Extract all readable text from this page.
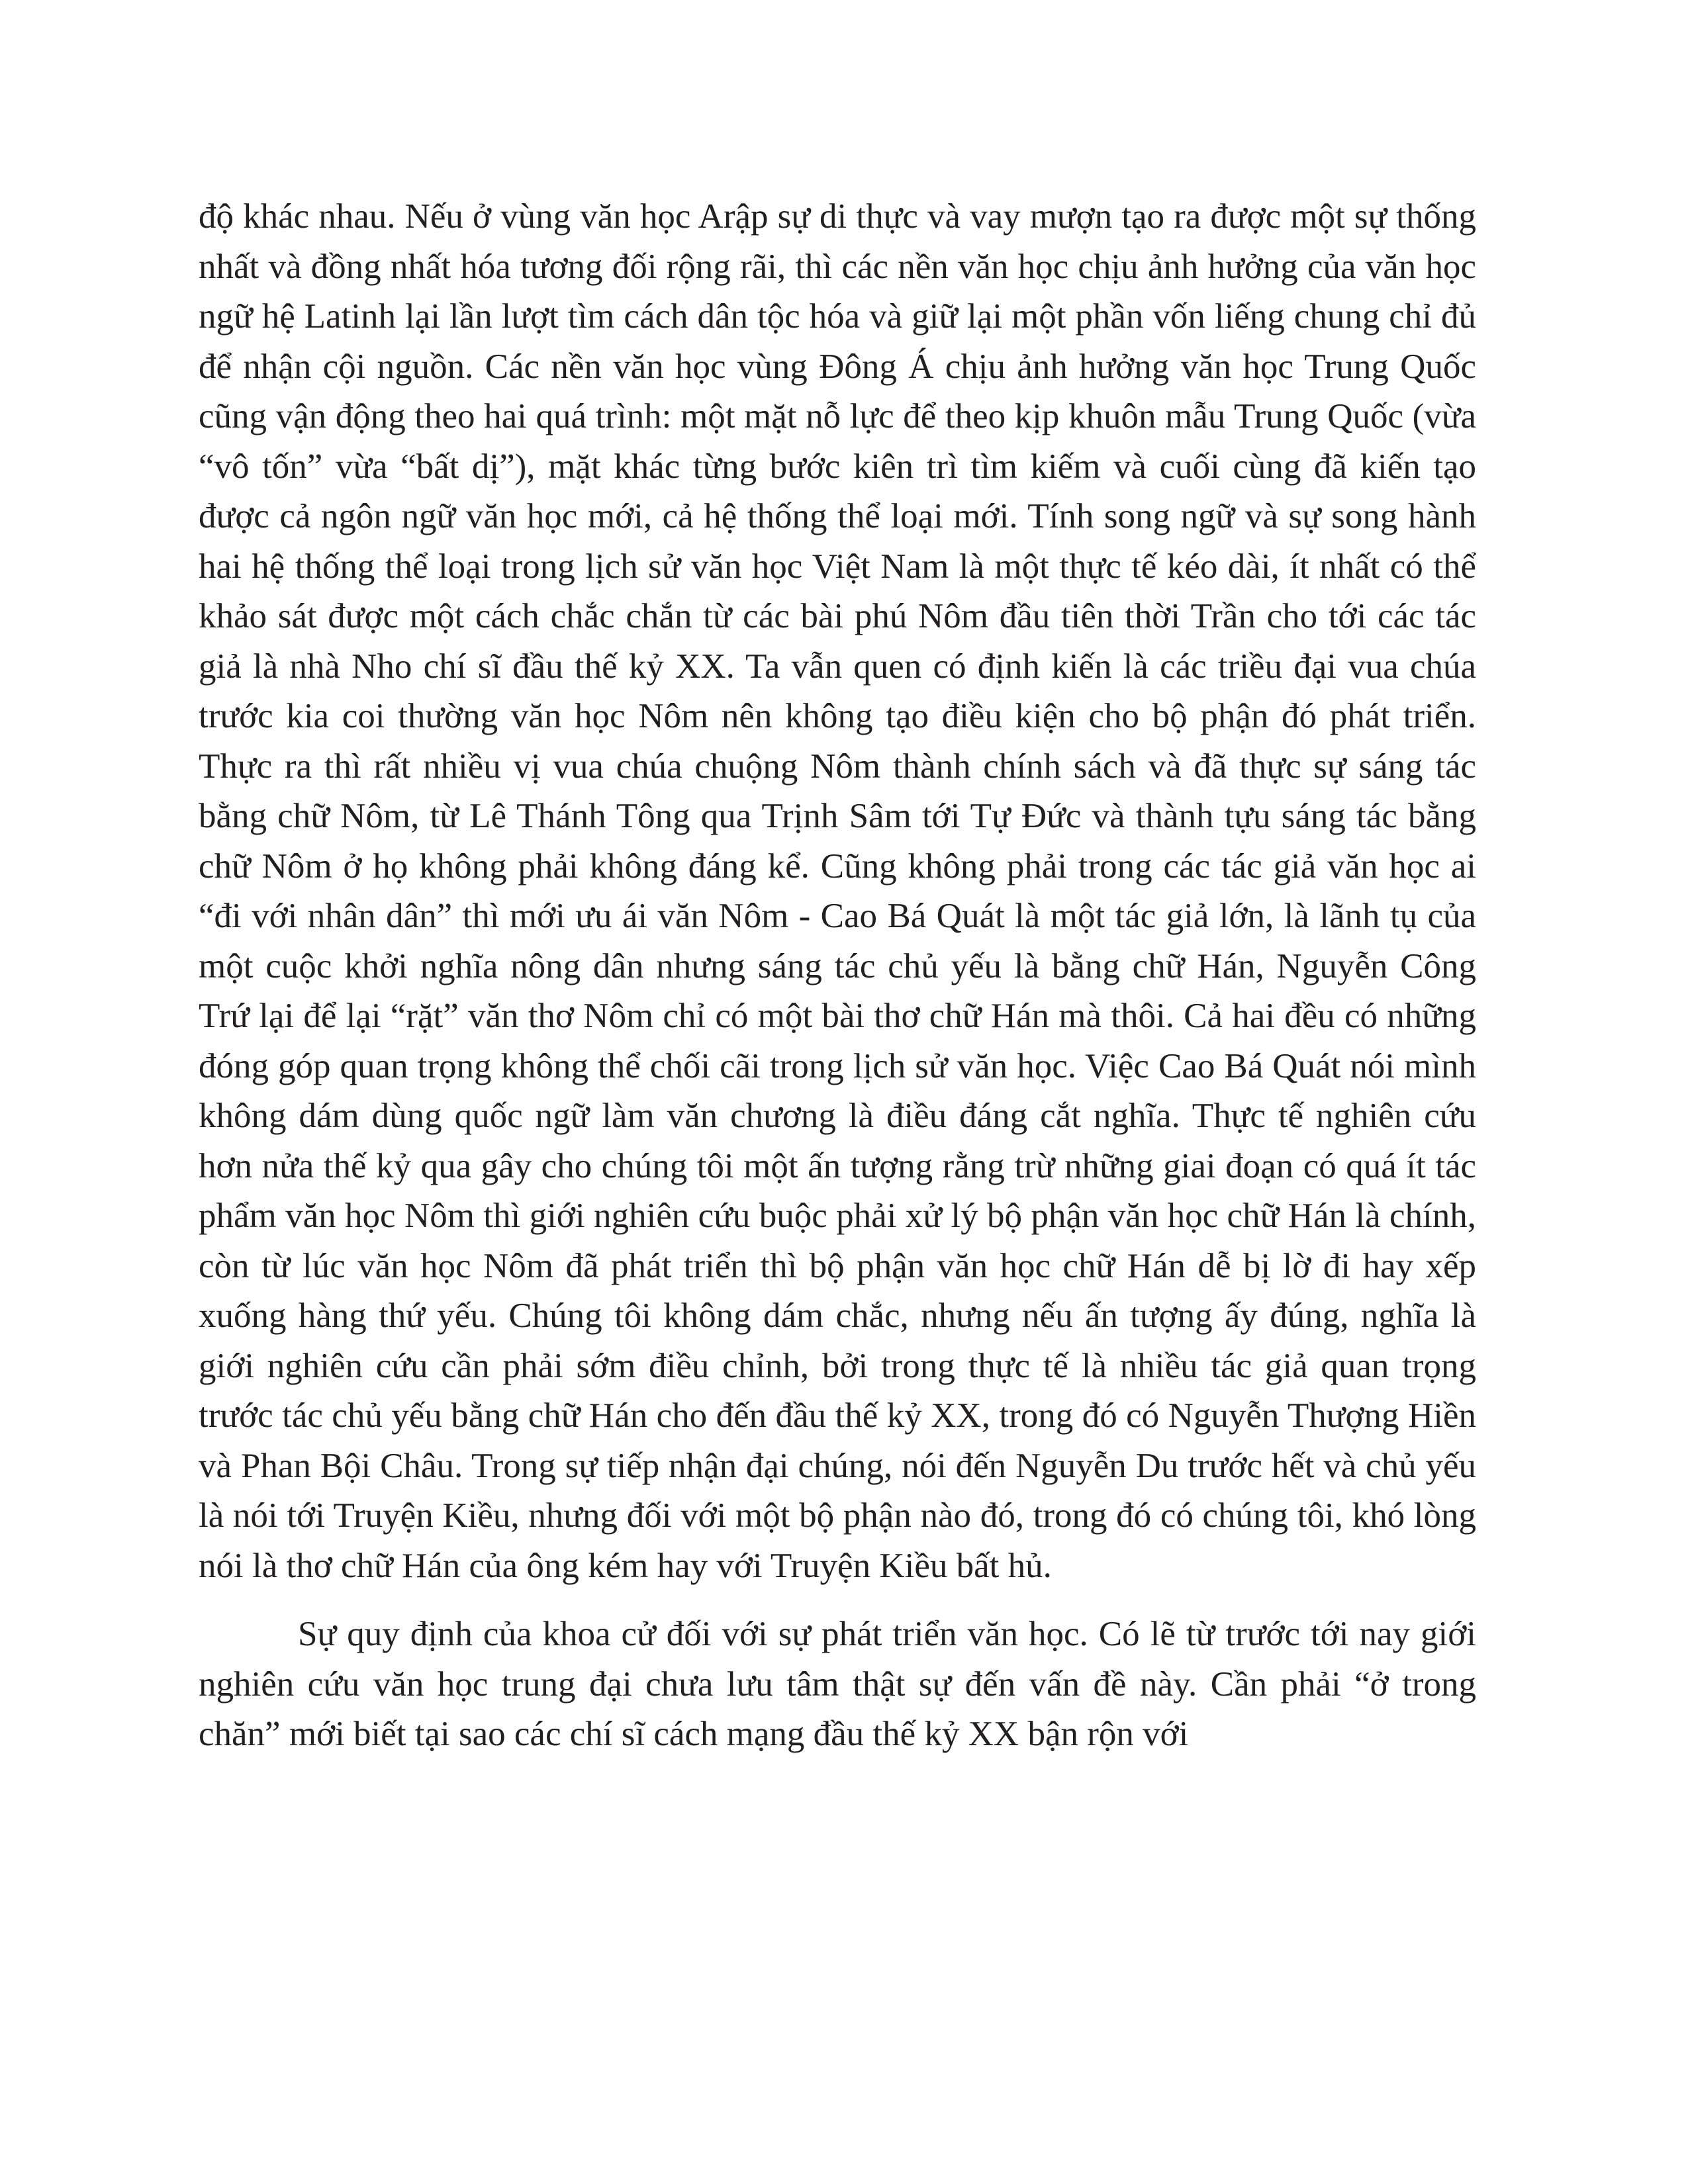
độ khác nhau. Nếu ở vùng văn học Arập sự di thực và vay mượn tạo ra được một sự thống nhất và đồng nhất hóa tương đối rộng rãi, thì các nền văn học chịu ảnh hưởng của văn học ngữ hệ Latinh lại lần lượt tìm cách dân tộc hóa và giữ lại một phần vốn liếng chung chỉ đủ để nhận cội nguồn. Các nền văn học vùng Đông Á chịu ảnh hưởng văn học Trung Quốc cũng vận động theo hai quá trình: một mặt nỗ lực để theo kịp khuôn mẫu Trung Quốc (vừa “vô tốn” vừa “bất dị”), mặt khác từng bước kiên trì tìm kiếm và cuối cùng đã kiến tạo được cả ngôn ngữ văn học mới, cả hệ thống thể loại mới. Tính song ngữ và sự song hành hai hệ thống thể loại trong lịch sử văn học Việt Nam là một thực tế kéo dài, ít nhất có thể khảo sát được một cách chắc chắn từ các bài phú Nôm đầu tiên thời Trần cho tới các tác giả là nhà Nho chí sĩ đầu thế kỷ XX. Ta vẫn quen có định kiến là các triều đại vua chúa trước kia coi thường văn học Nôm nên không tạo điều kiện cho bộ phận đó phát triển. Thực ra thì rất nhiều vị vua chúa chuộng Nôm thành chính sách và đã thực sự sáng tác bằng chữ Nôm, từ Lê Thánh Tông qua Trịnh Sâm tới Tự Đức và thành tựu sáng tác bằng chữ Nôm ở họ không phải không đáng kể. Cũng không phải trong các tác giả văn học ai “đi với nhân dân” thì mới ưu ái văn Nôm - Cao Bá Quát là một tác giả lớn, là lãnh tụ của một cuộc khởi nghĩa nông dân nhưng sáng tác chủ yếu là bằng chữ Hán, Nguyễn Công Trứ lại để lại “rặt” văn thơ Nôm chỉ có một bài thơ chữ Hán mà thôi. Cả hai đều có những đóng góp quan trọng không thể chối cãi trong lịch sử văn học. Việc Cao Bá Quát nói mình không dám dùng quốc ngữ làm văn chương là điều đáng cắt nghĩa. Thực tế nghiên cứu hơn nửa thế kỷ qua gây cho chúng tôi một ấn tượng rằng trừ những giai đoạn có quá ít tác phẩm văn học Nôm thì giới nghiên cứu buộc phải xử lý bộ phận văn học chữ Hán là chính, còn từ lúc văn học Nôm đã phát triển thì bộ phận văn học chữ Hán dễ bị lờ đi hay xếp xuống hàng thứ yếu. Chúng tôi không dám chắc, nhưng nếu ấn tượng ấy đúng, nghĩa là giới nghiên cứu cần phải sớm điều chỉnh, bởi trong thực tế là nhiều tác giả quan trọng trước tác chủ yếu bằng chữ Hán cho đến đầu thế kỷ XX, trong đó có Nguyễn Thượng Hiền và Phan Bội Châu. Trong sự tiếp nhận đại chúng, nói đến Nguyễn Du trước hết và chủ yếu là nói tới Truyện Kiều, nhưng đối với một bộ phận nào đó, trong đó có chúng tôi, khó lòng nói là thơ chữ Hán của ông kém hay với Truyện Kiều bất hủ.

Sự quy định của khoa cử đối với sự phát triển văn học. Có lẽ từ trước tới nay giới nghiên cứu văn học trung đại chưa lưu tâm thật sự đến vấn đề này. Cần phải “ở trong chăn” mới biết tại sao các chí sĩ cách mạng đầu thế kỷ XX bận rộn với
